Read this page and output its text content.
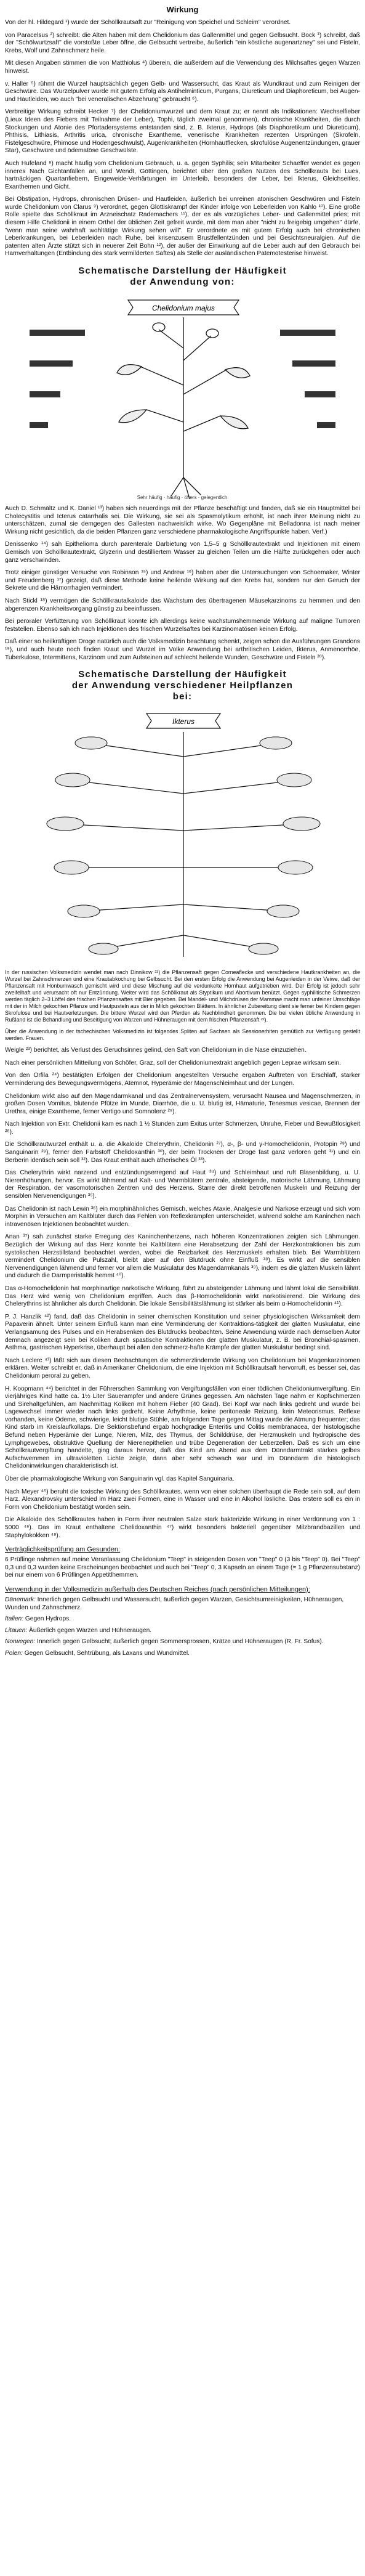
Wirkung

Von der hl. Hildegard ¹) wurde der Schöllkrautsaft zur "Reinigung von Speichel und Schleim" verordnet.

von Paracelsus ²) schreibt: die Alten haben mit dem Chelidonium das Gallenmittel und gegen Gelbsucht. Bock ³) schreibt, daß der "Schölwurtzsaft" die vorstoßte Leber öffne, die Gelbsucht vertreibe, äußerlich "ein köstliche augenartzney" sei und Fisteln, Krebs, Wolf und Zahnschmerz heile.

Mit diesen Angaben stimmen die von Matthiolus ⁴) überein, die außerdem auf die Verwendung des Milchsaftes gegen Warzen hinweist.

v. Haller ⁵) rühmt die Wurzel hauptsächlich gegen Gelb- und Wassersucht, das Kraut als Wundkraut und zum Reinigen der Geschwüre. Das Wurzelpulver wurde mit gutem Erfolg als Antihelminticum, Purgans, Diureticum und Diaphoreticum, bei Augen- und Hautleiden, wo auch "bei veneralischen Abzehrung" gebraucht ⁶).

Verbreitige Wirkung schreibt Hecker ⁷) der Chelidoniumwurzel und dem Kraut zu; er nennt als Indikationen: Wechselfieber (Lieux Ideen des Fiebers mit Teilnahme der Leber), Tophi, täglich zweimal genommen), chronische Krankheiten, die durch Stockungen und Atonie des Pfortadersystems entstanden sind, z. B. Ikterus, Hydrops (als Diaphoretikum und Diureticum), Phthisis, Lithiasis, Arthritis urica, chronische Exantheme, veneriische Krankheiten rezenten Ursprüngen (Skrofeln, Fistelgeschwüre, Phimose und Hodengeschwulst), Augenkrankheiten (Hornhautflecken, skrofulöse Augenentzündungen, grauer Star), Geschwüre und ödematöse Geschwülste.

Auch Hufeland ⁸) macht häufig vom Chelidonium Gebrauch, u. a. gegen Syphilis; sein Mitarbeiter Schaeffer wendet es gegen inneres Nach Gichtanfällen an, und Wendt, Göttingen, berichtet über den großen Nutzen des Schöllkrauts bei Lues, hartnäckigen Quartanfiebern, Eingeweide-Verhärtungen im Unterleib, besonders der Leber, bei Ikterus, Gleichseitles, Exanthemen und Gicht.

Bei Obstipation, Hydrops, chronischen Drüsen- und Hautleiden, äußerlich bei unreinen atonischen Geschwüren und Fisteln wurde Chelidonium von Clarus ⁹) verordnet, gegen Glottiskrampf der Kinder infolge von Leberleiden von Kahlo ¹⁰). Eine große Rolle spielte das Schöllkraut im Arzneischatz Rademachers ¹¹), der es als vorzügliches Leber- und Gallenmittel pries; mit diesem Hilfe Chelidonii in einem Orthel der üblichen Zeit gefreit wurde, mit dem man aber "nicht zu freigebig umgehen" dürfe, "wenn man seine wahrhaft wohltätige Wirkung sehen will". Er verordnete es mit gutem Erfolg auch bei chronischen Leberkrankungen, bei Leberleiden nach Ruhe, bei krisenzusem Brustfellentzünden und bei Gesichtsneuralgien. Auf die patenten alten Ärzte stützt sich in neuerer Zeit Bohn ¹²), der außer der Einwirkung auf die Leber auch auf den Gebrauch bei Harnverhaltungen (Entbindung des stark vermilderten Saftes) als Stelle der ausländischen Patemotesterise hinweist.

Schematische Darstellung der Häufigkeit
der Anwendung von:
Chelidonium majus
Sehr häufig · häufig · öfters · gelegentlich

Auch D. Schmältz und K. Daniel ¹³) haben sich neuerdings mit der Pflanze beschäftigt und fanden, daß sie ein Hauptmittel bei Cholecystitis und Icterus catarrhalis sei. Die Wirkung, sie sei als Spasmolytikum erhöhlt, ist nach ihrer Meinung nicht zu unterschätzen, zumal sie demgegen des Gallesten nachweislich wirke. Wo Gegenpläne mit Belladonna ist nach meiner Wirkung nicht gesichtlich, da die beiden Pflanzen ganz verschiedene pharmakologische Angriffspunkte haben. Verf.)

Denissenko ¹⁴) sah Epithelioma durch parenterale Darbietung von 1,5–5 g Schöllkrautextrakt und Injektionen mit einem Gemisch von Schöllkrautextrakt, Glyzerin und destilliertem Wasser zu gleichen Teilen um die Hälfte zurückgehen oder auch ganz verschwinden.

Trotz einiger günstiger Versuche von Robinson ¹⁵) und Andrew ¹⁶) haben aber die Untersuchungen von Schoemaker, Winter und Freudenberg ¹⁷) gezeigt, daß diese Methode keine heilende Wirkung auf den Krebs hat, sondern nur den Geruch der Sekrete und die Hämorrhagien vermindert.

Nach Stickl ¹⁸) vermögen die Schöllkrautalkaloide das Wachstum des übertragenen Mäusekarzinoms zu hemmen und den abgerenzen Krankheitsvorgang günstig zu beeinflussen.

Bei peroraler Verfütterung von Schöllkraut konnte ich allerdings keine wachstumshemmende Wirkung auf maligne Tumoren feststellen. Ebenso sah ich nach Injektionen des frischen Wurzelsaftes bei Karzinomatösen keinen Erfolg.

Daß einer so heilkräftigen Droge natürlich auch die Volksmedizin beachtung schenkt, zeigen schon die Ausführungen Grandons ¹⁹), und auch heute noch finden Kraut und Wurzel im Volke Anwendung bei arthritischen Leiden, Ikterus, Anmenorrhöe, Tuberkulose, Intermittens, Karzinom und zum Aufsteinen auf schlecht heilende Wunden, Geschwüre und Fisteln ²⁰).

Schematische Darstellung der Häufigkeit
der Anwendung verschiedener Heilpflanzen
bei:
Ikterus

In der russischen Volksmedizin wendet man nach Dinnikow ²¹) die Pflanzensaft gegen Corneaflecke und verschiedene Hautkrankheiten an, die Wurzel bei Zahnschmerzen und eine Krautabkochung bei Gelbsucht. Bei den ersten Erfolg die Anwendung bei Augenleiden in der Veiwe, daß der Pflanzensaft mit Honbumwasch gemischt wird und diese Mischung auf die verdunkelte Hornhaut aufgetrieben wird. Der Erfolg ist jedoch sehr zweifelhaft und verursacht oft nur Entzündung. Weiter wird das Schöllkraut als Styptikum und Abortivum benützt. Gegen syphilitische Schmerzen werden täglich 2–3 Löffel des frischen Pflanzensaftes mit Bier gegeben. Bei Mandel- und Milchdrüsen der Mammae macht man unfeiner Umschläge mit der in Milch gekochten Pflanze und Hautpusteln aus der in Milch gekochten Blättern. In ähnlicher Zubereitung dient sie ferner bei Kindern gegen Skrofulose und bei Hautverletzungen. Die bittere Wurzel wird den Pferden als Nachblindheit genommen. Die bei vielen übliche Anwendung in Rußland ist die Behandlung und Beseitigung von Warzen und Hühneraugen mit dem frischen Pflanzensaft ²²).

Über die Anwendung in der tschechischen Volksmedizin ist folgendes Spliten auf Sachsen als Sessionerhiten gemütlich zur Verfügung gestellt werden. Frauen.

Weigle ²³) berichtet, als Verlust des Geruchsinnes gelind, den Saft von Chelidonium in die Nase einzuziehen.

Nach einer persönlichen Mitteilung von Schöfer, Graz, soll der Chelidoniumextrakt angeblich gegen Leprae wirksam sein.

Von den Orfila ²⁴) bestätigten Erfolgen der Chelidonium angestellten Versuche ergaben Auftreten von Erschlaff, starker Verminderung des Bewegungsvermögens, Atemnot, Hyperämie der Magenschleimhaut und der Lungen.

Chelidonium wirkt also auf den Magendarmkanal und das Zentralnervensystem, verursacht Nausea und Magenschmerzen, in großen Dosen Vomitus, blutende Pfütze im Munde, Diarrhöe, die u. U. blutig ist, Hämaturie, Tenesmus vesicae, Brennen der Urethra, einige Exantheme, ferner Vertigo und Somnolenz ²⁵).

Nach Injektion von Extr. Chelidonii kam es nach 1 ½ Stunden zum Exitus unter Schmerzen, Unruhe, Fieber und Bewußtlosigkeit ²⁶).

Die Schöllkrautwurzel enthält u. a. die Alkaloide Chelerythrin, Chelidonin ²⁷), α-, β- und γ-Homochelidonin, Protopin ²⁸) und Sanguinarin ²⁹), ferner den Farbstoff Chelidoxanthin ³⁰), der beim Trocknen der Droge fast ganz verloren geht ³¹) und ein Berberin identisch sein soll ³²). Das Kraut enthält auch ätherisches Öl ³³).

Das Chelerythrin wirkt narzend und entzündungserregend auf Haut ³⁴) und Schleimhaut und ruft Blasenbildung, u. U. Nierenhöhungen, hervor. Es wirkt lähmend auf Kalt- und Warmblütern zentrale, absteigende, motorische Lähmung, Lähmung der Respiration, der vasomotorischen Zentren und des Herzens. Starre der direkt betroffenen Muskeln und Reizung der sensiblen Nervenendigungen ³⁵).

Das Chelidonin ist nach Lewin ³⁶) ein morphinähnliches Gemisch, welches Ataxie, Analgesie und Narkose erzeugt und sich vom Morphin in Versuchen am Kaltblüter durch das Fehlen von Reflexkrämpfen unterscheidet, während solche am Kaninchen nach intravenösen Injektionen beobachtet wurden.

Anan ³⁷) sah zunächst starke Erregung des Kaninchenherzens, nach höheren Konzentrationen zeigten sich Lähmungen. Bezüglich der Wirkung auf das Herz konnte bei Kaltblütern eine Herabsetzung der Zahl der Herzkontraktionen bis zum systolischen Herzstillstand beobachtet werden, wobei die Reizbarkeit des Herzmuskels erhalten blieb. Bei Warmblütern vermindert Chelidonium die Pulszahl, bleibt aber auf den Blutdruck ohne Einfluß ³⁸). Es wirkt auf die sensiblen Nervenendigungen lähmend und ferner vor allem die Muskulatur des Magendarmkanals ³⁹), indem es die glatten Muskeln lähmt und dadurch die Darmperistaltik hemmt ⁴⁰).

Das α-Homochelidonin hat morphinartige narkotische Wirkung, führt zu absteigender Lähmung und lähmt lokal die Sensibilität. Das Herz wird wenig von Chelidonium ergriffen. Auch das β-Homochelidonin wirkt narkotisierend. Die Wirkung des Chelerythrins ist ähnlicher als durch Chelidonin. Die lokale Sensibilitätslähmung ist stärker als beim α-Homochelidonin ⁴¹).

P. J. Hanzlik ⁴²) fand, daß das Chelidonin in seiner chemischen Konstitution und seiner physiologischen Wirksamkeit dem Papaverin ähnelt. Unter seinem Einfluß kann man eine Verminderung der Kontraktions-tätigkeit der glatten Muskulatur, eine Verlangsamung des Pulses und ein Herabsenken des Blutdrucks beobachten. Seine Anwendung würde nach demselben Autor demnach angezeigt sein bei Koliken durch spastische Kontraktionen der glatten Muskulatur, z. B. bei Bronchial-spasmen, Asthma, gastrischen Hyperkrise, überhaupt bei allen den schmerz-hafte Krämpfe der glatten Muskulatur bedingt sind.

Nach Leclerc ⁴³) läßt sich aus diesen Beobachtungen die schmerzlindernde Wirkung von Chelidonium bei Magenkarzinomen erklären. Weiter schreibt er, daß in Amerikaner Chelidonium, die eine Injektion mit Schöllkrautsaft hervorruft, es besser sei, das Chelidonium peroral zu geben.

H. Koopmann ⁴⁴) berichtet in der Führerschen Sammlung von Vergiftungsfällen von einer tödlichen Chelidoniumvergiftung. Ein vierjähriges Kind hatte ca. 1½ Liter Sauerampfer und andere Grünes gegessen. Am nächsten Tage nahm er Kopfschmerzen und Sirehaltgefühlen, am Nachmittag Koliken mit hohem Fieber (40 Grad). Bei Kopf war nach links gedreht und wurde bei Lagewechsel immer wieder nach links gedreht. Keine Arhythmie, keine peritoneale Reizung, kein Meteorismus. Reflexe vorhanden, keine Ödeme, schwierige, leicht blutige Stühle, am folgenden Tage gegen Mittag wurde die Atmung frequenter; das Kind starb im Kreislaufkollaps. Die Sektionsbefund ergab hochgradige Enteritis und Colitis membranacea, der histologische Befund neben Hyperämie der Lunge, Nieren, Milz, des Thymus, der Schilddrüse, der Herzmuskeln und hydropische des Lymphgewebes, obstruktive Quellung der Nierenepithelien und trübe Degeneration der Leberzellen. Daß es sich um eine Schöllkrautvergiftung handelte, ging daraus hervor, daß das Kind am Abend aus dem Dünndarmtrakt starkes gelbes Aufschwemmen im ultravioletten Lichte zeigte, dann aber sehr schwach war und im Dünndarm die histologisch Chelidoninwirkungen charakteristisch ist.

Über die pharmakologische Wirkung von Sanguinarin vgl. das Kapitel Sanguinaria.

Nach Meyer ⁴⁵) beruht die toxische Wirkung des Schöllkrautes, wenn von einer solchen überhaupt die Rede sein soll, auf dem Harz. Alexandrovsky unterschied im Harz zwei Formen, eine in Wasser und eine in Alkohol lösliche. Das erstere soll es ein in Form von Chelidonium bestätigt worden sein.

Die Alkaloide des Schöllkrautes haben in Form ihrer neutralen Salze stark bakterizide Wirkung in einer Verdünnung von 1 : 5000 ⁴⁶). Das im Kraut enthaltene Chelidoxanthin ⁴⁷) wirkt besonders bakteriell gegenüber Milzbrandbazillen und Staphylokokken ⁴⁸).

Verträglichkeitsprüfung am Gesunden:

6 Prüflinge nahmen auf meine Veranlassung Chelidonium "Teep" in steigenden Dosen von "Teep" 0 (3 bis "Teep" 0). Bei "Teep" 0,3 und 0,3 wurden keine Erscheinungen beobachtet und auch bei "Teep" 0, 3 Kapseln an einem Tage (= 1 g Pflanzensubstanz) bei nur einem von 6 Prüflingen Appetitlhemmen.

Verwendung in der Volksmedizin außerhalb des Deutschen Reiches (nach persönlichen Mitteilungen):
Dänemark: Innerlich gegen Gelbsucht und Wassersucht, äußerlich gegen Warzen, Gesichtsumreinigkeiten, Hühneraugen, Wunden und Zahnschmerz.
Italien: Gegen Hydrops.
Litauen: Äußerlich gegen Warzen und Hühneraugen.
Norwegen: Innerlich gegen Gelbsucht; äußerlich gegen Sommersprossen, Krätze und Hühneraugen (R. Fr. Sofus).
Polen: Gegen Gelbsucht, Sehtrübung, als Laxans und Wundmittel.
